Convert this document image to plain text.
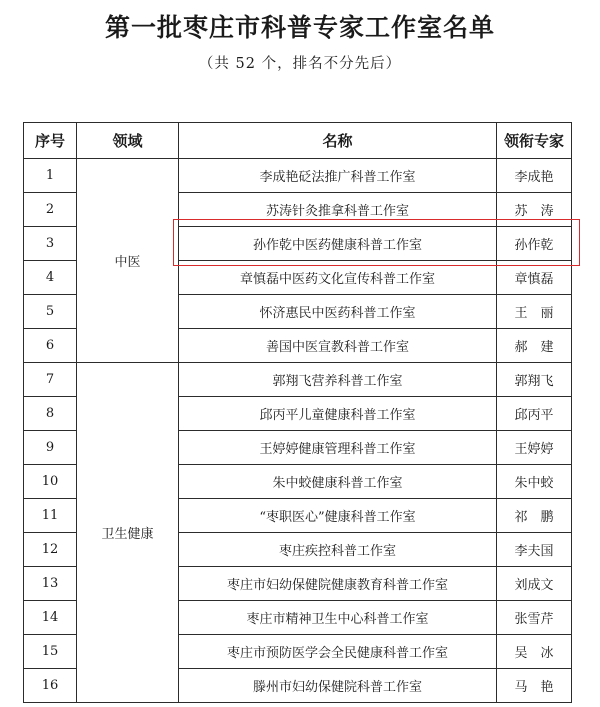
第一批枣庄市科普专家工作室名单
（共 52 个，排名不分先后）
序号	领域	名称	领衔专家
1	中医	李成艳砭法推广科普工作室	李成艳
2		苏涛针灸推拿科普工作室	苏　涛
3		孙作乾中医药健康科普工作室	孙作乾
4		章慎磊中医药文化宣传科普工作室	章慎磊
5		怀济惠民中医药科普工作室	王　丽
6		善国中医宣教科普工作室	郝　建
7	卫生健康	郭翔飞营养科普工作室	郭翔飞
8		邱丙平儿童健康科普工作室	邱丙平
9		王婷婷健康管理科普工作室	王婷婷
10		朱中蛟健康科普工作室	朱中蛟
11		“枣职医心”健康科普工作室	祁　鹏
12		枣庄疾控科普工作室	李夫国
13		枣庄市妇幼保健院健康教育科普工作室	刘成文
14		枣庄市精神卫生中心科普工作室	张雪芹
15		枣庄市预防医学会全民健康科普工作室	吴　冰
16		滕州市妇幼保健院科普工作室	马　艳
